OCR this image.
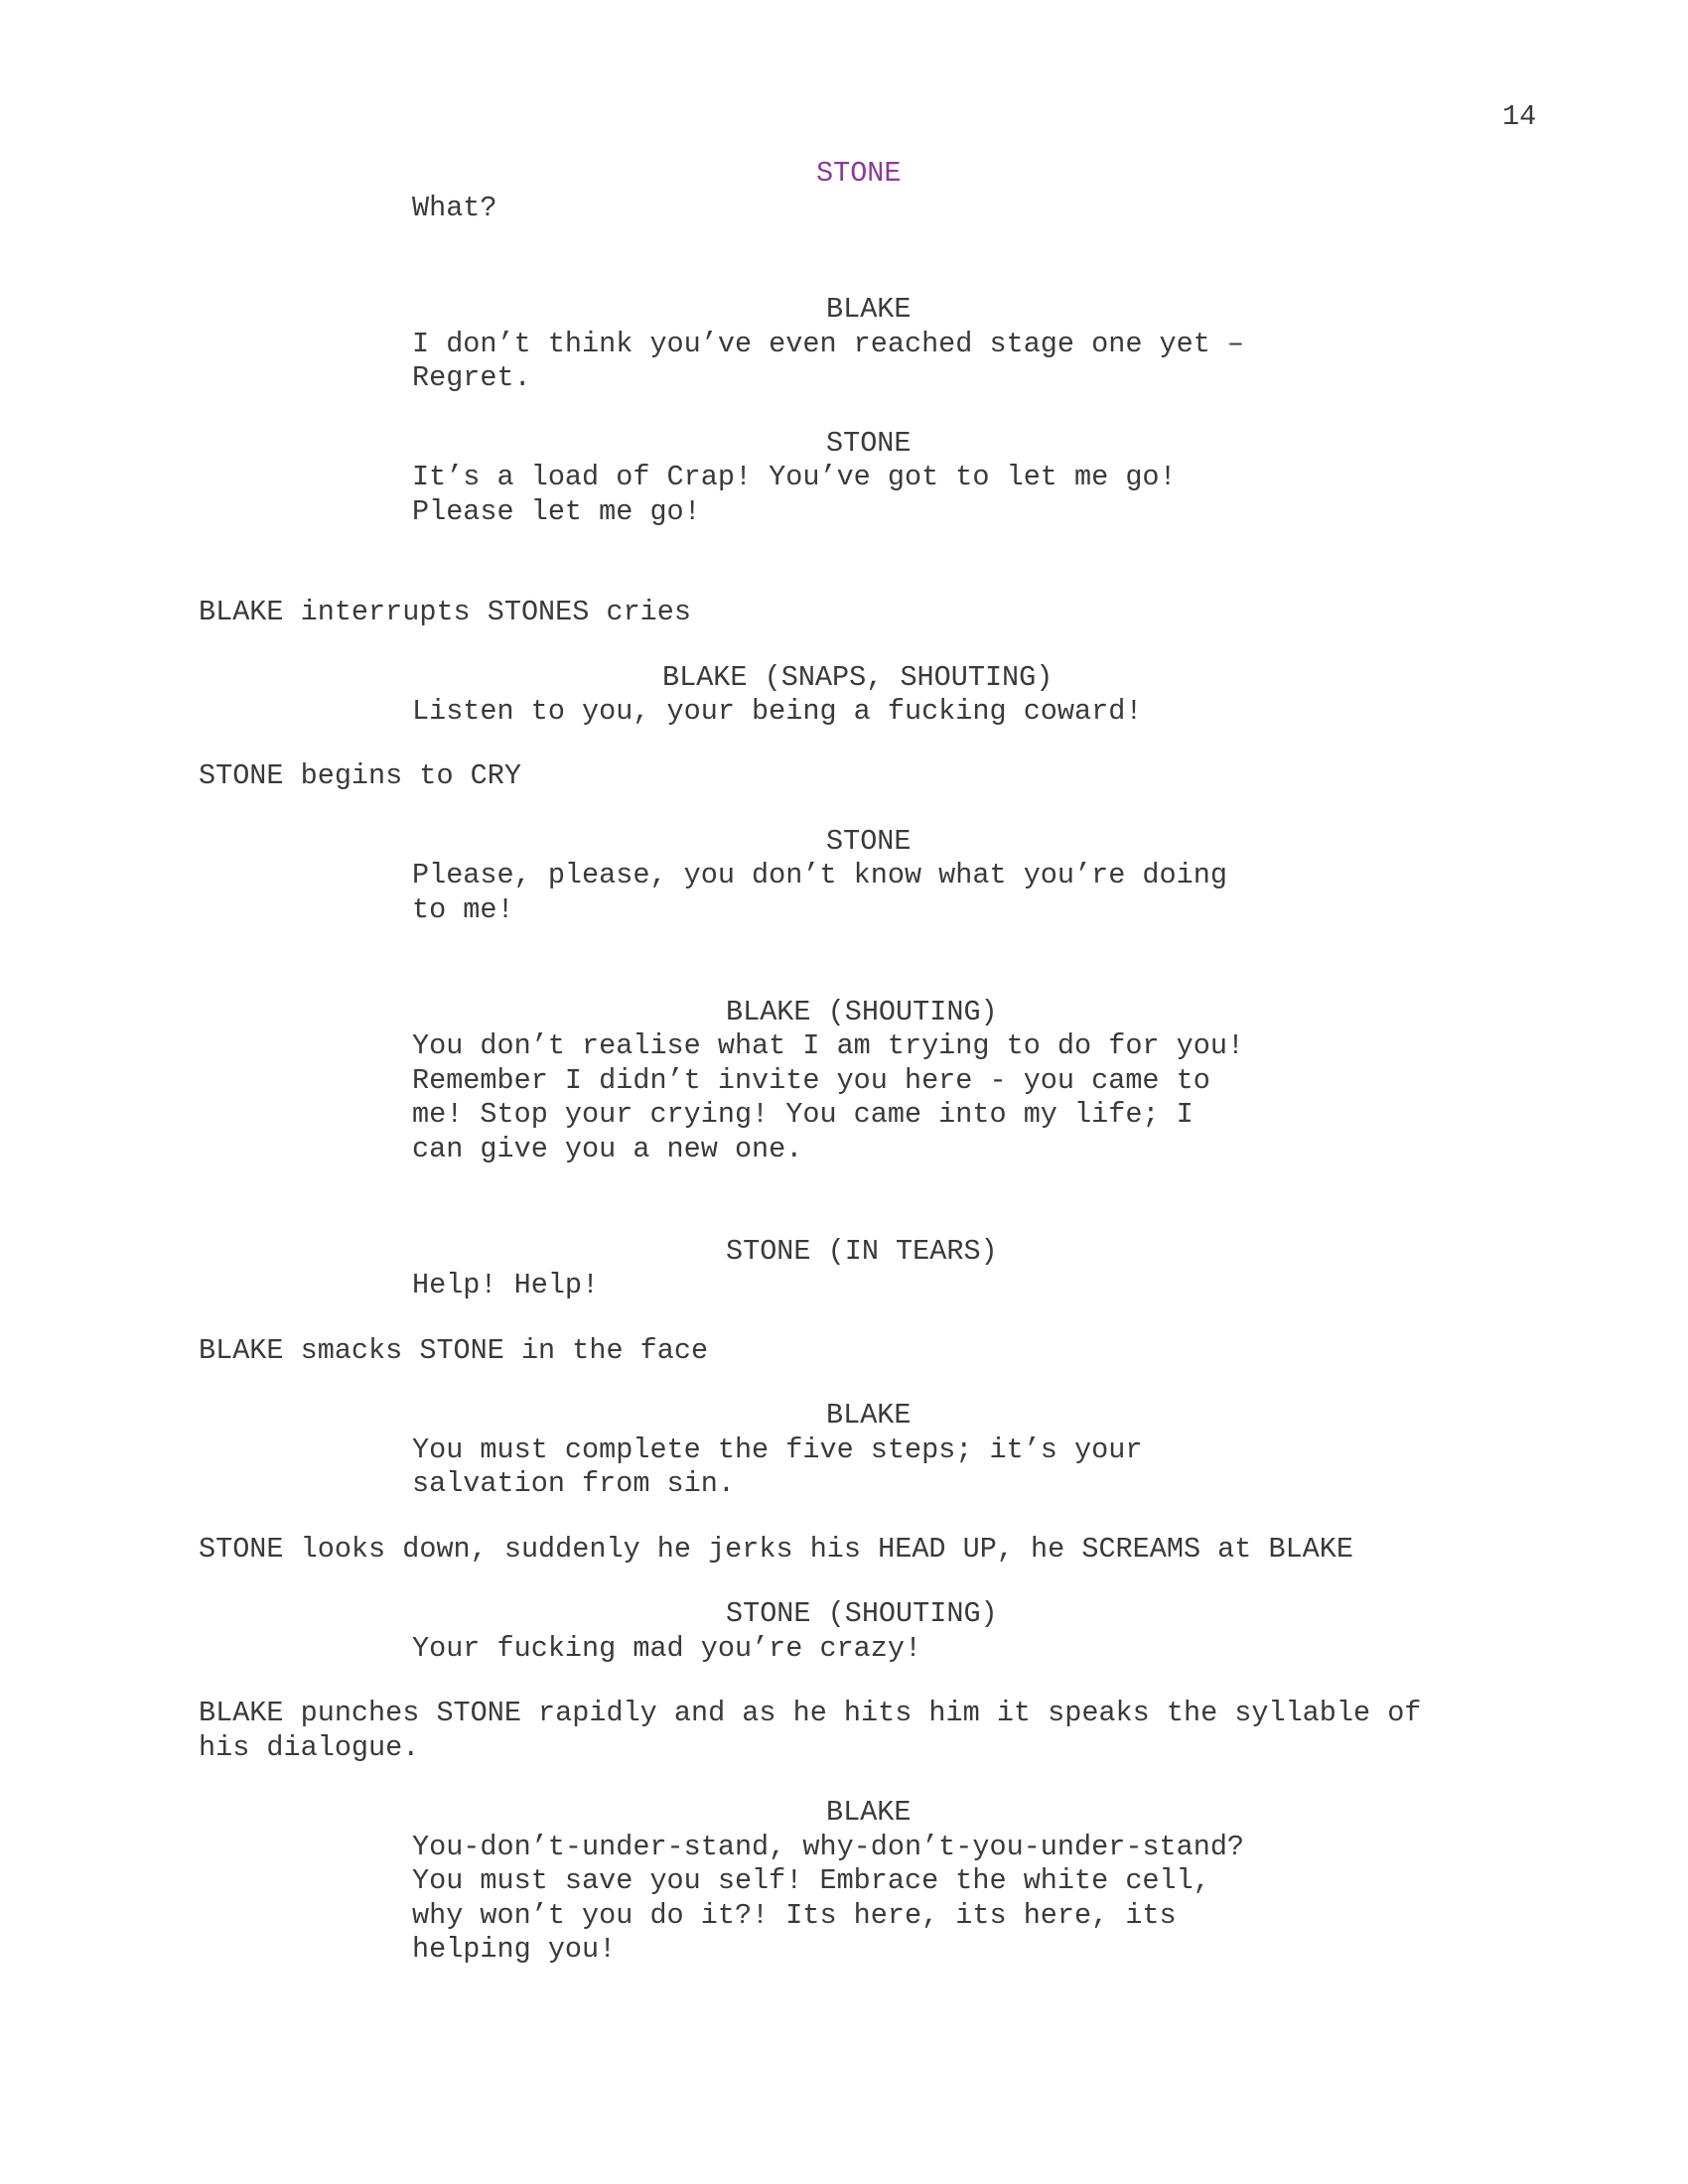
14

STONE

What?

BLAKE

I don’t think you’ve even reached stage one yet –

Regret.

STONE

It’s a load of Crap! You’ve got to let me go!

Please let me go!

BLAKE interrupts STONES cries

BLAKE (SNAPS, SHOUTING)

Listen to you, your being a fucking coward!

STONE begins to CRY

STONE

Please, please, you don’t know what you’re doing

to me!

BLAKE (SHOUTING)

You don’t realise what I am trying to do for you!

Remember I didn’t invite you here - you came to

me! Stop your crying! You came into my life; I

can give you a new one.

STONE (IN TEARS)

Help! Help!

BLAKE smacks STONE in the face

BLAKE

You must complete the five steps; it’s your

salvation from sin.

STONE looks down, suddenly he jerks his HEAD UP, he SCREAMS at BLAKE

STONE (SHOUTING)

Your fucking mad you’re crazy!

BLAKE punches STONE rapidly and as he hits him it speaks the syllable of

his dialogue.

BLAKE

You-don’t-under-stand, why-don’t-you-under-stand?

You must save you self! Embrace the white cell,

why won’t you do it?! Its here, its here, its

helping you!
